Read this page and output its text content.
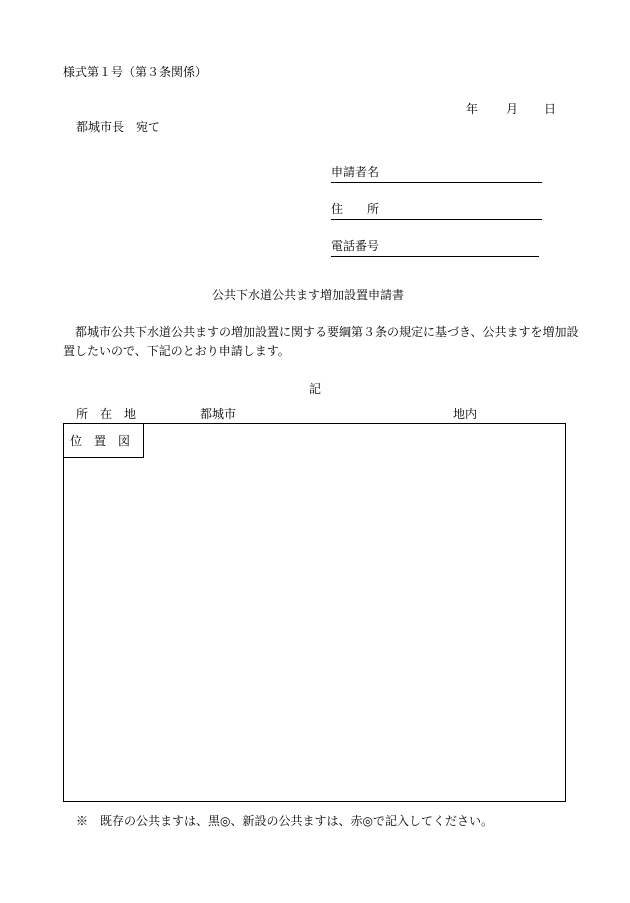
様式第１号（第３条関係）
年 月 日
都城市長　宛て
申請者名
住　　所
電話番号
公共下水道公共ます増加設置申請書
都城市公共下水道公共ますの増加設置に関する要綱第３条の規定に基づき、公共ますを増加設置したいので、下記のとおり申請します。
記
所　在　地	都城市	地内
位　置　図
※　既存の公共ますは、黒◎、新設の公共ますは、赤◎で記入してください。
